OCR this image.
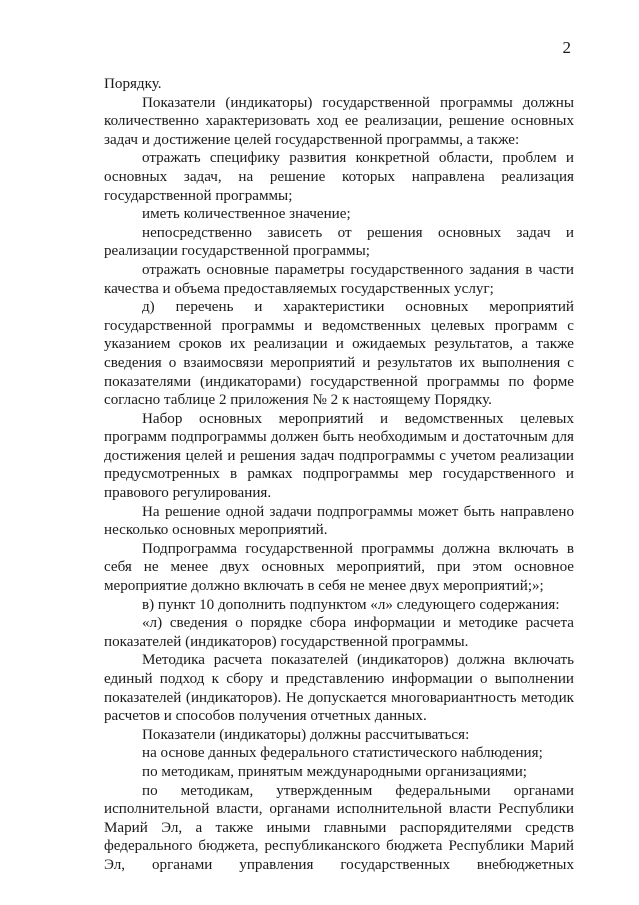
2

Порядку.

Показатели (индикаторы) государственной программы должны количественно характеризовать ход ее реализации, решение основных задач и достижение целей государственной программы, а также:

отражать специфику развития конкретной области, проблем и основных задач, на решение которых направлена реализация государственной программы;

иметь количественное значение;

непосредственно зависеть от решения основных задач и реализации государственной программы;

отражать основные параметры государственного задания в части качества и объема предоставляемых государственных услуг;

д) перечень и характеристики основных мероприятий государственной программы и ведомственных целевых программ с указанием сроков их реализации и ожидаемых результатов, а также сведения о взаимосвязи мероприятий и результатов их выполнения с показателями (индикаторами) государственной программы по форме согласно таблице 2 приложения № 2 к настоящему Порядку.

Набор основных мероприятий и ведомственных целевых программ подпрограммы должен быть необходимым и достаточным для достижения целей и решения задач подпрограммы с учетом реализации предусмотренных в рамках подпрограммы мер государственного и правового регулирования.

На решение одной задачи подпрограммы может быть направлено несколько основных мероприятий.

Подпрограмма государственной программы должна включать в себя не менее двух основных мероприятий, при этом основное мероприятие должно включать в себя не менее двух мероприятий;»;

в) пункт 10 дополнить подпунктом «л» следующего содержания:

«л) сведения о порядке сбора информации и методике расчета показателей (индикаторов) государственной программы.

Методика расчета показателей (индикаторов) должна включать единый подход к сбору и представлению информации о выполнении показателей (индикаторов). Не допускается многовариантность методик расчетов и способов получения отчетных данных.

Показатели (индикаторы) должны рассчитываться:

на основе данных федерального статистического наблюдения;

по методикам, принятым международными организациями;

по методикам, утвержденным федеральными органами исполнительной власти, органами исполнительной власти Республики Марий Эл, а также иными главными распорядителями средств федерального бюджета, республиканского бюджета Республики Марий Эл, органами управления государственных внебюджетных
